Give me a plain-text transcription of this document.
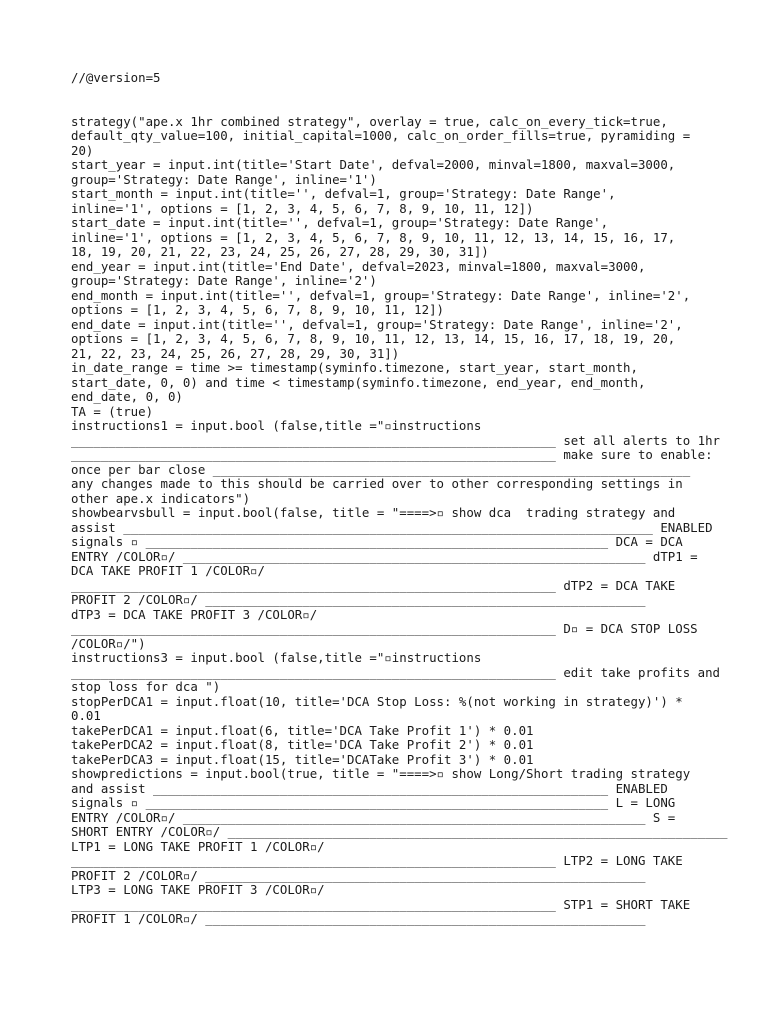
//@version=5
strategy("ape.x 1hr combined strategy", overlay = true, calc_on_every_tick=true,
default_qty_value=100, initial_capital=1000, calc_on_order_fills=true, pyramiding =
20)
start_year = input.int(title='Start Date', defval=2000, minval=1800, maxval=3000,
group='Strategy: Date Range', inline='1')
start_month = input.int(title='', defval=1, group='Strategy: Date Range',
inline='1', options = [1, 2, 3, 4, 5, 6, 7, 8, 9, 10, 11, 12])
start_date = input.int(title='', defval=1, group='Strategy: Date Range',
inline='1', options = [1, 2, 3, 4, 5, 6, 7, 8, 9, 10, 11, 12, 13, 14, 15, 16, 17,
18, 19, 20, 21, 22, 23, 24, 25, 26, 27, 28, 29, 30, 31])
end_year = input.int(title='End Date', defval=2023, minval=1800, maxval=3000,
group='Strategy: Date Range', inline='2')
end_month = input.int(title='', defval=1, group='Strategy: Date Range', inline='2',
options = [1, 2, 3, 4, 5, 6, 7, 8, 9, 10, 11, 12])
end_date = input.int(title='', defval=1, group='Strategy: Date Range', inline='2',
options = [1, 2, 3, 4, 5, 6, 7, 8, 9, 10, 11, 12, 13, 14, 15, 16, 17, 18, 19, 20,
21, 22, 23, 24, 25, 26, 27, 28, 29, 30, 31])
in_date_range = time >= timestamp(syminfo.timezone, start_year, start_month,
start_date, 0, 0) and time < timestamp(syminfo.timezone, end_year, end_month,
end_date, 0, 0)
TA = (true)
instructions1 = input.bool (false,title ="▫instructions
_________________________________________________________________ set all alerts to 1hr
_________________________________________________________________ make sure to enable:
once per bar close ________________________________________________________________
any changes made to this should be carried over to other corresponding settings in
other ape.x indicators")
showbearvsbull = input.bool(false, title = "====>▫ show dca  trading strategy and
assist _______________________________________________________________________ ENABLED
signals ▫ ______________________________________________________________ DCA = DCA
ENTRY /COLOR▫/ ______________________________________________________________ dTP1 =
DCA TAKE PROFIT 1 /COLOR▫/
_________________________________________________________________ dTP2 = DCA TAKE
PROFIT 2 /COLOR▫/ ___________________________________________________________
dTP3 = DCA TAKE PROFIT 3 /COLOR▫/
_________________________________________________________________ D▫ = DCA STOP LOSS
/COLOR▫/")
instructions3 = input.bool (false,title ="▫instructions
_________________________________________________________________ edit take profits and
stop loss for dca ")
stopPerDCA1 = input.float(10, title='DCA Stop Loss: %(not working in strategy)') *
0.01
takePerDCA1 = input.float(6, title='DCA Take Profit 1') * 0.01
takePerDCA2 = input.float(8, title='DCA Take Profit 2') * 0.01
takePerDCA3 = input.float(15, title='DCATake Profit 3') * 0.01
showpredictions = input.bool(true, title = "====>▫ show Long/Short trading strategy
and assist _____________________________________________________________ ENABLED
signals ▫ ______________________________________________________________ L = LONG
ENTRY /COLOR▫/ ______________________________________________________________ S =
SHORT ENTRY /COLOR▫/ ___________________________________________________________________
LTP1 = LONG TAKE PROFIT 1 /COLOR▫/
_________________________________________________________________ LTP2 = LONG TAKE
PROFIT 2 /COLOR▫/ ___________________________________________________________
LTP3 = LONG TAKE PROFIT 3 /COLOR▫/
_________________________________________________________________ STP1 = SHORT TAKE
PROFIT 1 /COLOR▫/ ___________________________________________________________
